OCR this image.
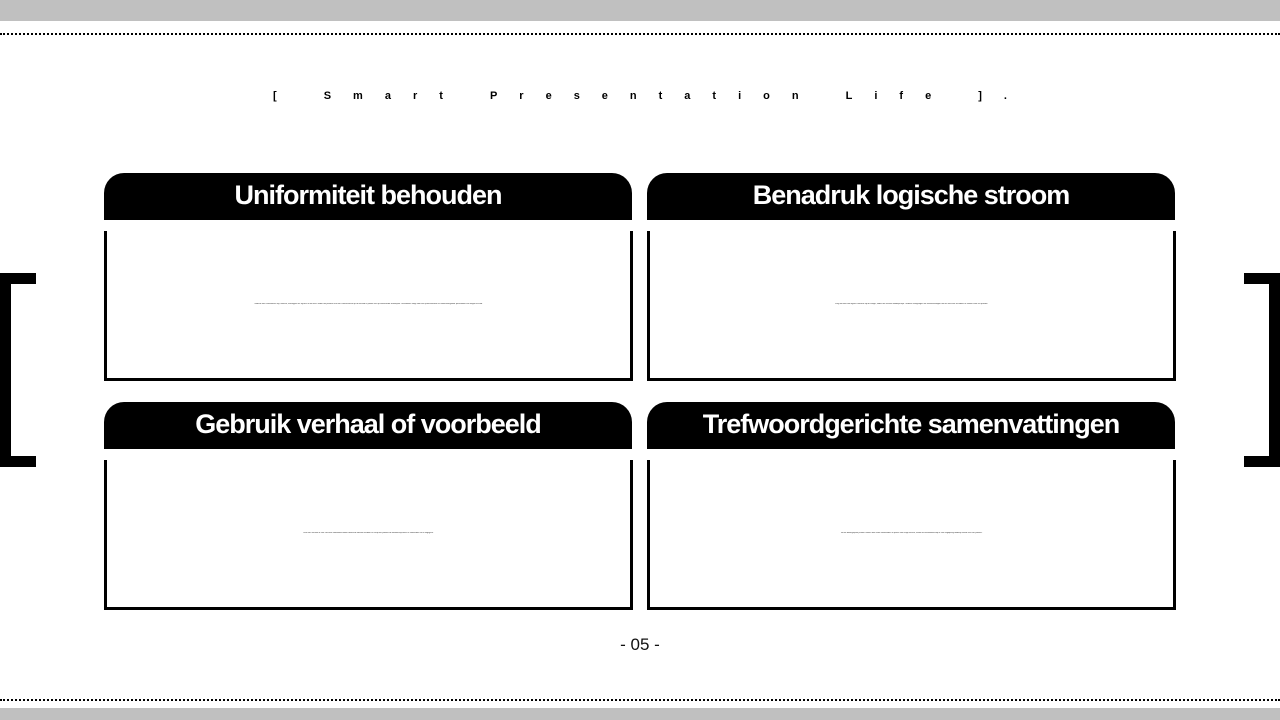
[ Smart Presentation Life ].
Uniformiteit behouden
Gebruik een consistente stijl, kleuren, lettertypen en lay-out in alle dia's zodat het publiek zich kan concentreren op de inhoud in plaats van op wisselende ontwerpen. Uniformiteit zorgt voor een professionele en samenhangende presentatie van begin tot eind.
Benadruk logische stroom
Zorg dat elke dia logisch aansluit op de vorige, zodat het verhaal duidelijk blijft. Gebruik overgangen en samenvattingen om de structuur zichtbaar te maken voor het publiek.
Gebruik verhaal of voorbeeld
Een kort verhaal of een concreet voorbeeld maakt abstracte ideeën tastbaar en helpt het publiek de boodschap beter te onthouden en te begrijpen.
Trefwoordgerichte samenvattingen
Vat de belangrijkste punten samen met korte trefwoorden in plaats van lange zinnen, zodat de kernboodschap in één oogopslag duidelijk wordt voor het publiek.
- 05 -
